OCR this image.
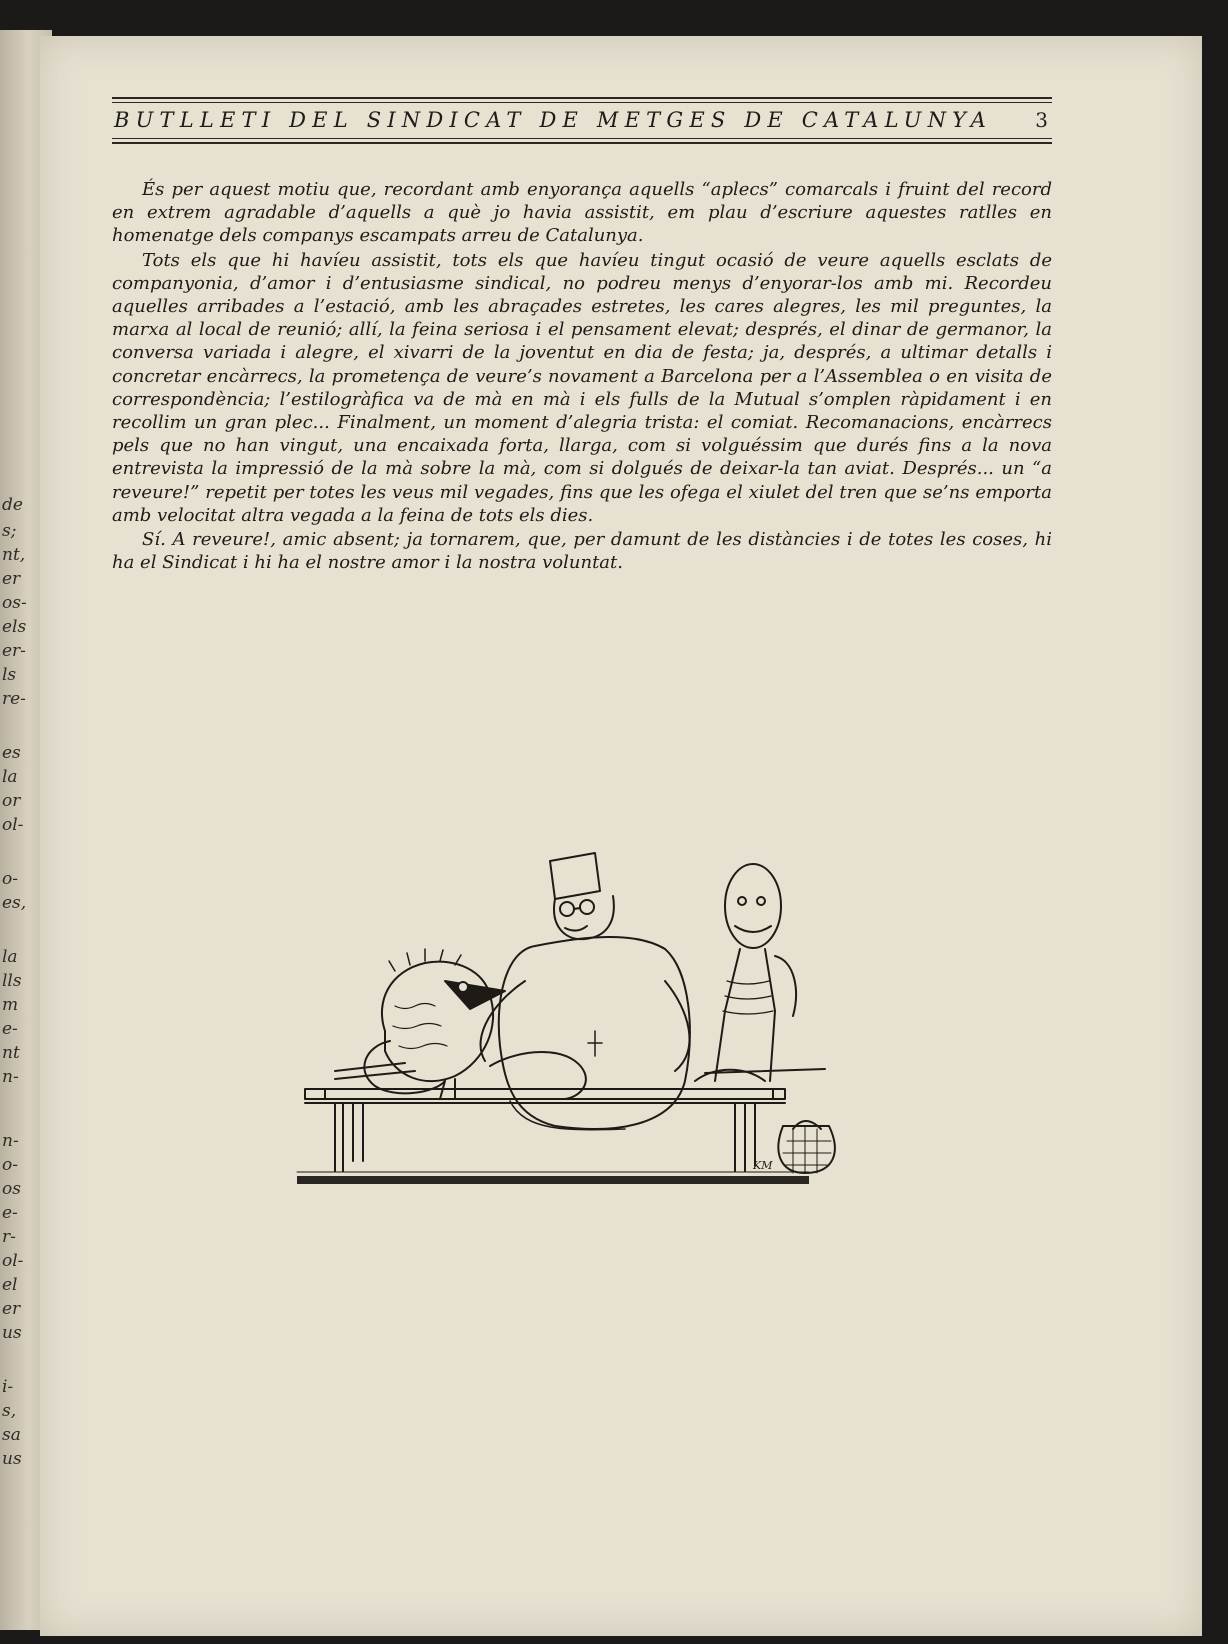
de
s;
nt,
er
os-
els
er-
ls
re-
es
la
or
ol-
o-
es,
la
lls
m
e-
nt
n-
n-
o-
os
e-
r-
ol-
el
er
us
i-
s,
sa
us
BUTLLETI DEL SINDICAT DE METGES DE CATALUNYA	3

És per aquest motiu que, recordant amb enyorança aquells “aplecs” comarcals i fruint del record en extrem agradable d’aquells a què jo havia assistit, em plau d’escriure aquestes ratlles en homenatge dels companys escampats arreu de Catalunya.

Tots els que hi havíeu assistit, tots els que havíeu tingut ocasió de veure aquells esclats de companyonia, d’amor i d’entusiasme sindical, no podreu menys d’enyorar-los amb mi. Recordeu aquelles arribades a l’estació, amb les abraçades estretes, les cares alegres, les mil preguntes, la marxa al local de reunió; allí, la feina seriosa i el pensament elevat; després, el dinar de germanor, la conversa variada i alegre, el xivarri de la joventut en dia de festa; ja, després, a ultimar detalls i concretar encàrrecs, la prometença de veure’s novament a Barcelona per a l’Assemblea o en visita de correspondència; l’estilogràfica va de mà en mà i els fulls de la Mutual s’omplen ràpidament i en recollim un gran plec... Finalment, un moment d’alegria trista: el comiat. Recomanacions, encàrrecs pels que no han vingut, una encaixada forta, llarga, com si volguéssim que durés fins a la nova entrevista la impressió de la mà sobre la mà, com si dolgués de deixar-la tan aviat. Després... un “a reveure!” repetit per totes les veus mil vegades, fins que les ofega el xiulet del tren que se’ns emporta amb velocitat altra vegada a la feina de tots els dies.

Sí. A reveure!, amic absent; ja tornarem, que, per damunt de les distàncies i de totes les coses, hi ha el Sindicat i hi ha el nostre amor i la nostra voluntat.

KM
